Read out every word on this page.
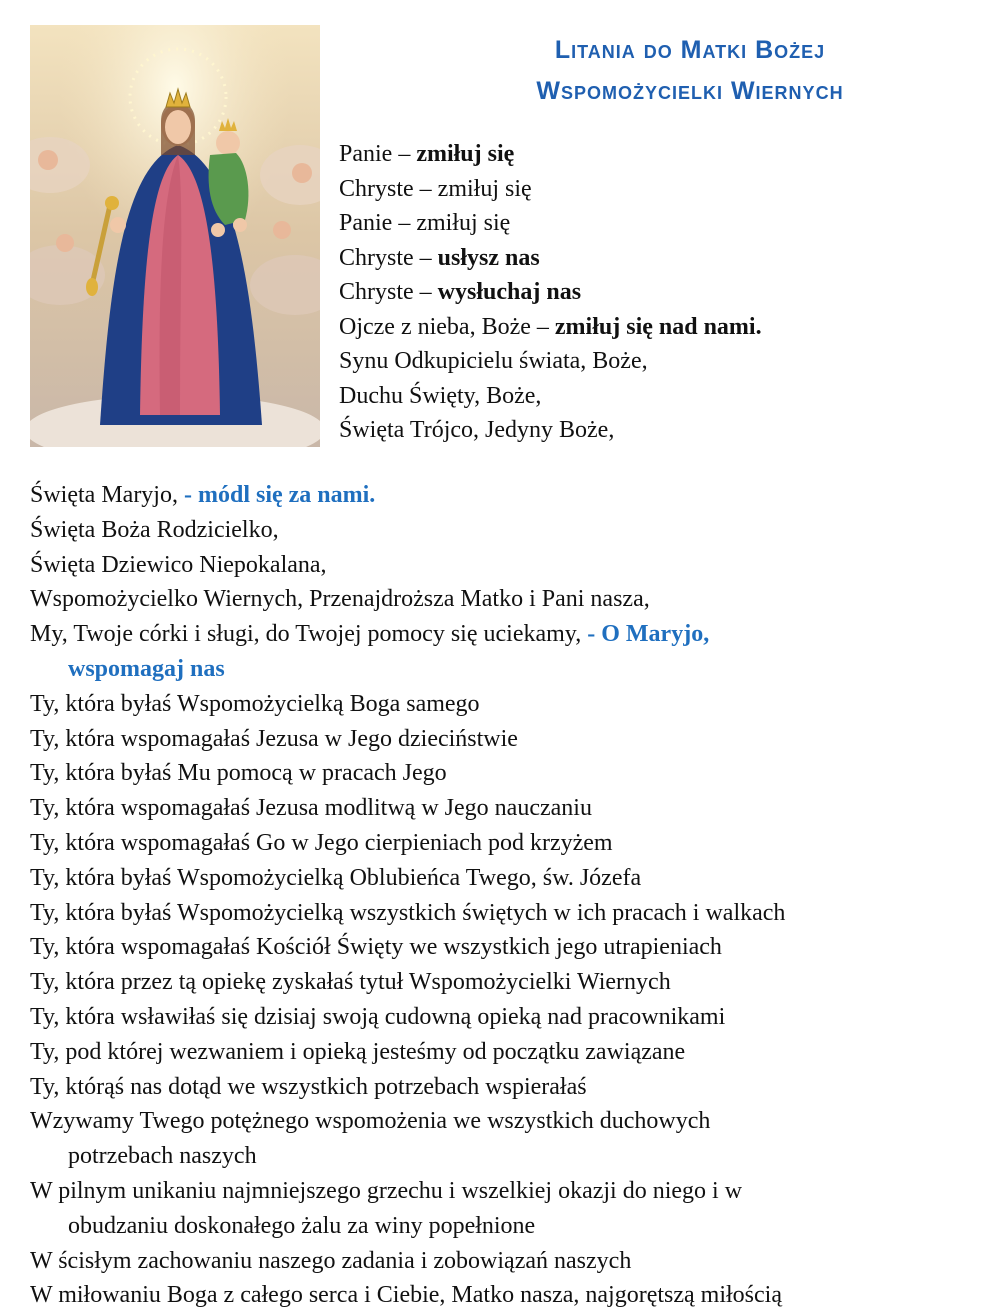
Litania do Matki Bożej
Wspomożycielki Wiernych
Panie – zmiłuj się
Chryste – zmiłuj się
Panie – zmiłuj się
Chryste – usłysz nas
Chryste – wysłuchaj nas
Ojcze z nieba, Boże – zmiłuj się nad nami.
Synu Odkupicielu świata, Boże,
Duchu Święty, Boże,
Święta Trójco, Jedyny Boże,
Święta Maryjo, - módl się za nami.
Święta Boża Rodzicielko,
Święta Dziewico Niepokalana,
Wspomożycielko Wiernych, Przenajdroższa Matko i Pani nasza,
My, Twoje córki i sługi, do Twojej pomocy się uciekamy, - O Maryjo,
wspomagaj nas
Ty, która byłaś Wspomożycielką Boga samego
Ty, która wspomagałaś Jezusa w Jego dzieciństwie
Ty, która byłaś Mu pomocą w pracach Jego
Ty, która wspomagałaś Jezusa modlitwą w Jego nauczaniu
Ty, która wspomagałaś Go w Jego cierpieniach pod krzyżem
Ty, która byłaś Wspomożycielką Oblubieńca Twego, św. Józefa
Ty, która byłaś Wspomożycielką wszystkich świętych w ich pracach i walkach
Ty, która wspomagałaś Kościół Święty we wszystkich jego utrapieniach
Ty, która przez tą opiekę zyskałaś tytuł Wspomożycielki Wiernych
Ty, która wsławiłaś się dzisiaj swoją cudowną opieką nad pracownikami
Ty, pod której wezwaniem i opieką jesteśmy od początku zawiązane
Ty, którąś nas dotąd we wszystkich potrzebach wspierałaś
Wzywamy Twego potężnego wspomożenia we wszystkich duchowych
potrzebach naszych
W pilnym unikaniu najmniejszego grzechu i wszelkiej okazji do niego i w
obudzaniu doskonałego żalu za winy popełnione
W ścisłym zachowaniu naszego zadania i zobowiązań naszych
W miłowaniu Boga z całego serca i Ciebie, Matko nasza, najgorętszą miłością
